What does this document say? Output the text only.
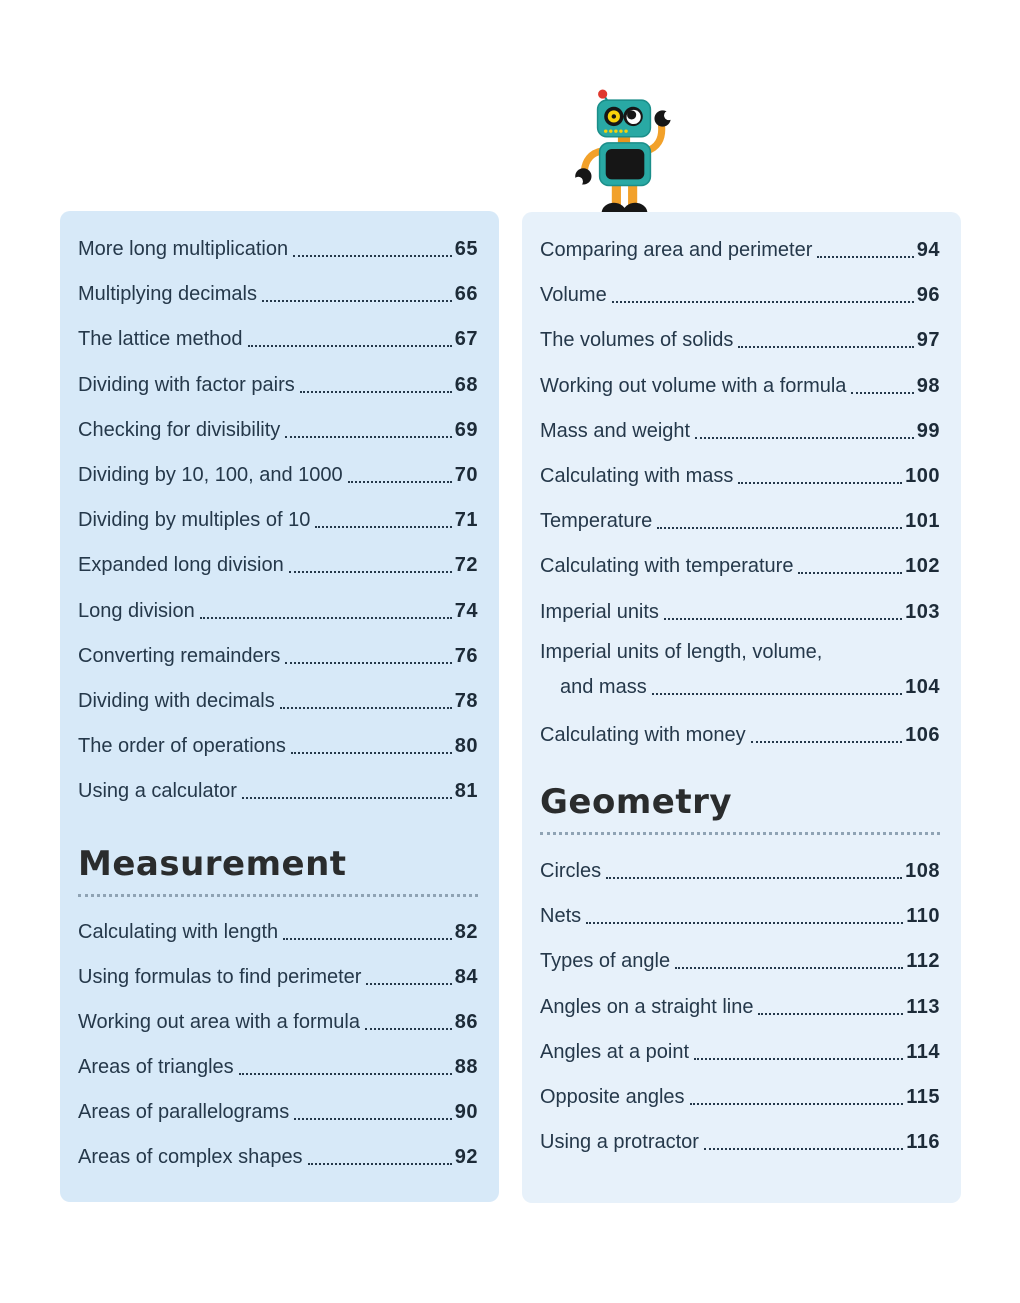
More long multiplication	65
Multiplying decimals	66
The lattice method	67
Dividing with factor pairs	68
Checking for divisibility	69
Dividing by 10, 100, and 1000	70
Dividing by multiples of 10	71
Expanded long division	72
Long division	74
Converting remainders	76
Dividing with decimals	78
The order of operations	80
Using a calculator	81
Measurement
Calculating with length	82
Using formulas to find perimeter	84
Working out area with a formula	86
Areas of triangles	88
Areas of parallelograms	90
Areas of complex shapes	92
Comparing area and perimeter	94
Volume	96
The volumes of solids	97
Working out volume with a formula	98
Mass and weight	99
Calculating with mass	100
Temperature	101
Calculating with temperature	102
Imperial units	103
Imperial units of length, volume,
and mass	104
Calculating with money	106
Geometry
Circles	108
Nets	110
Types of angle	112
Angles on a straight line	113
Angles at a point	114
Opposite angles	115
Using a protractor	116
